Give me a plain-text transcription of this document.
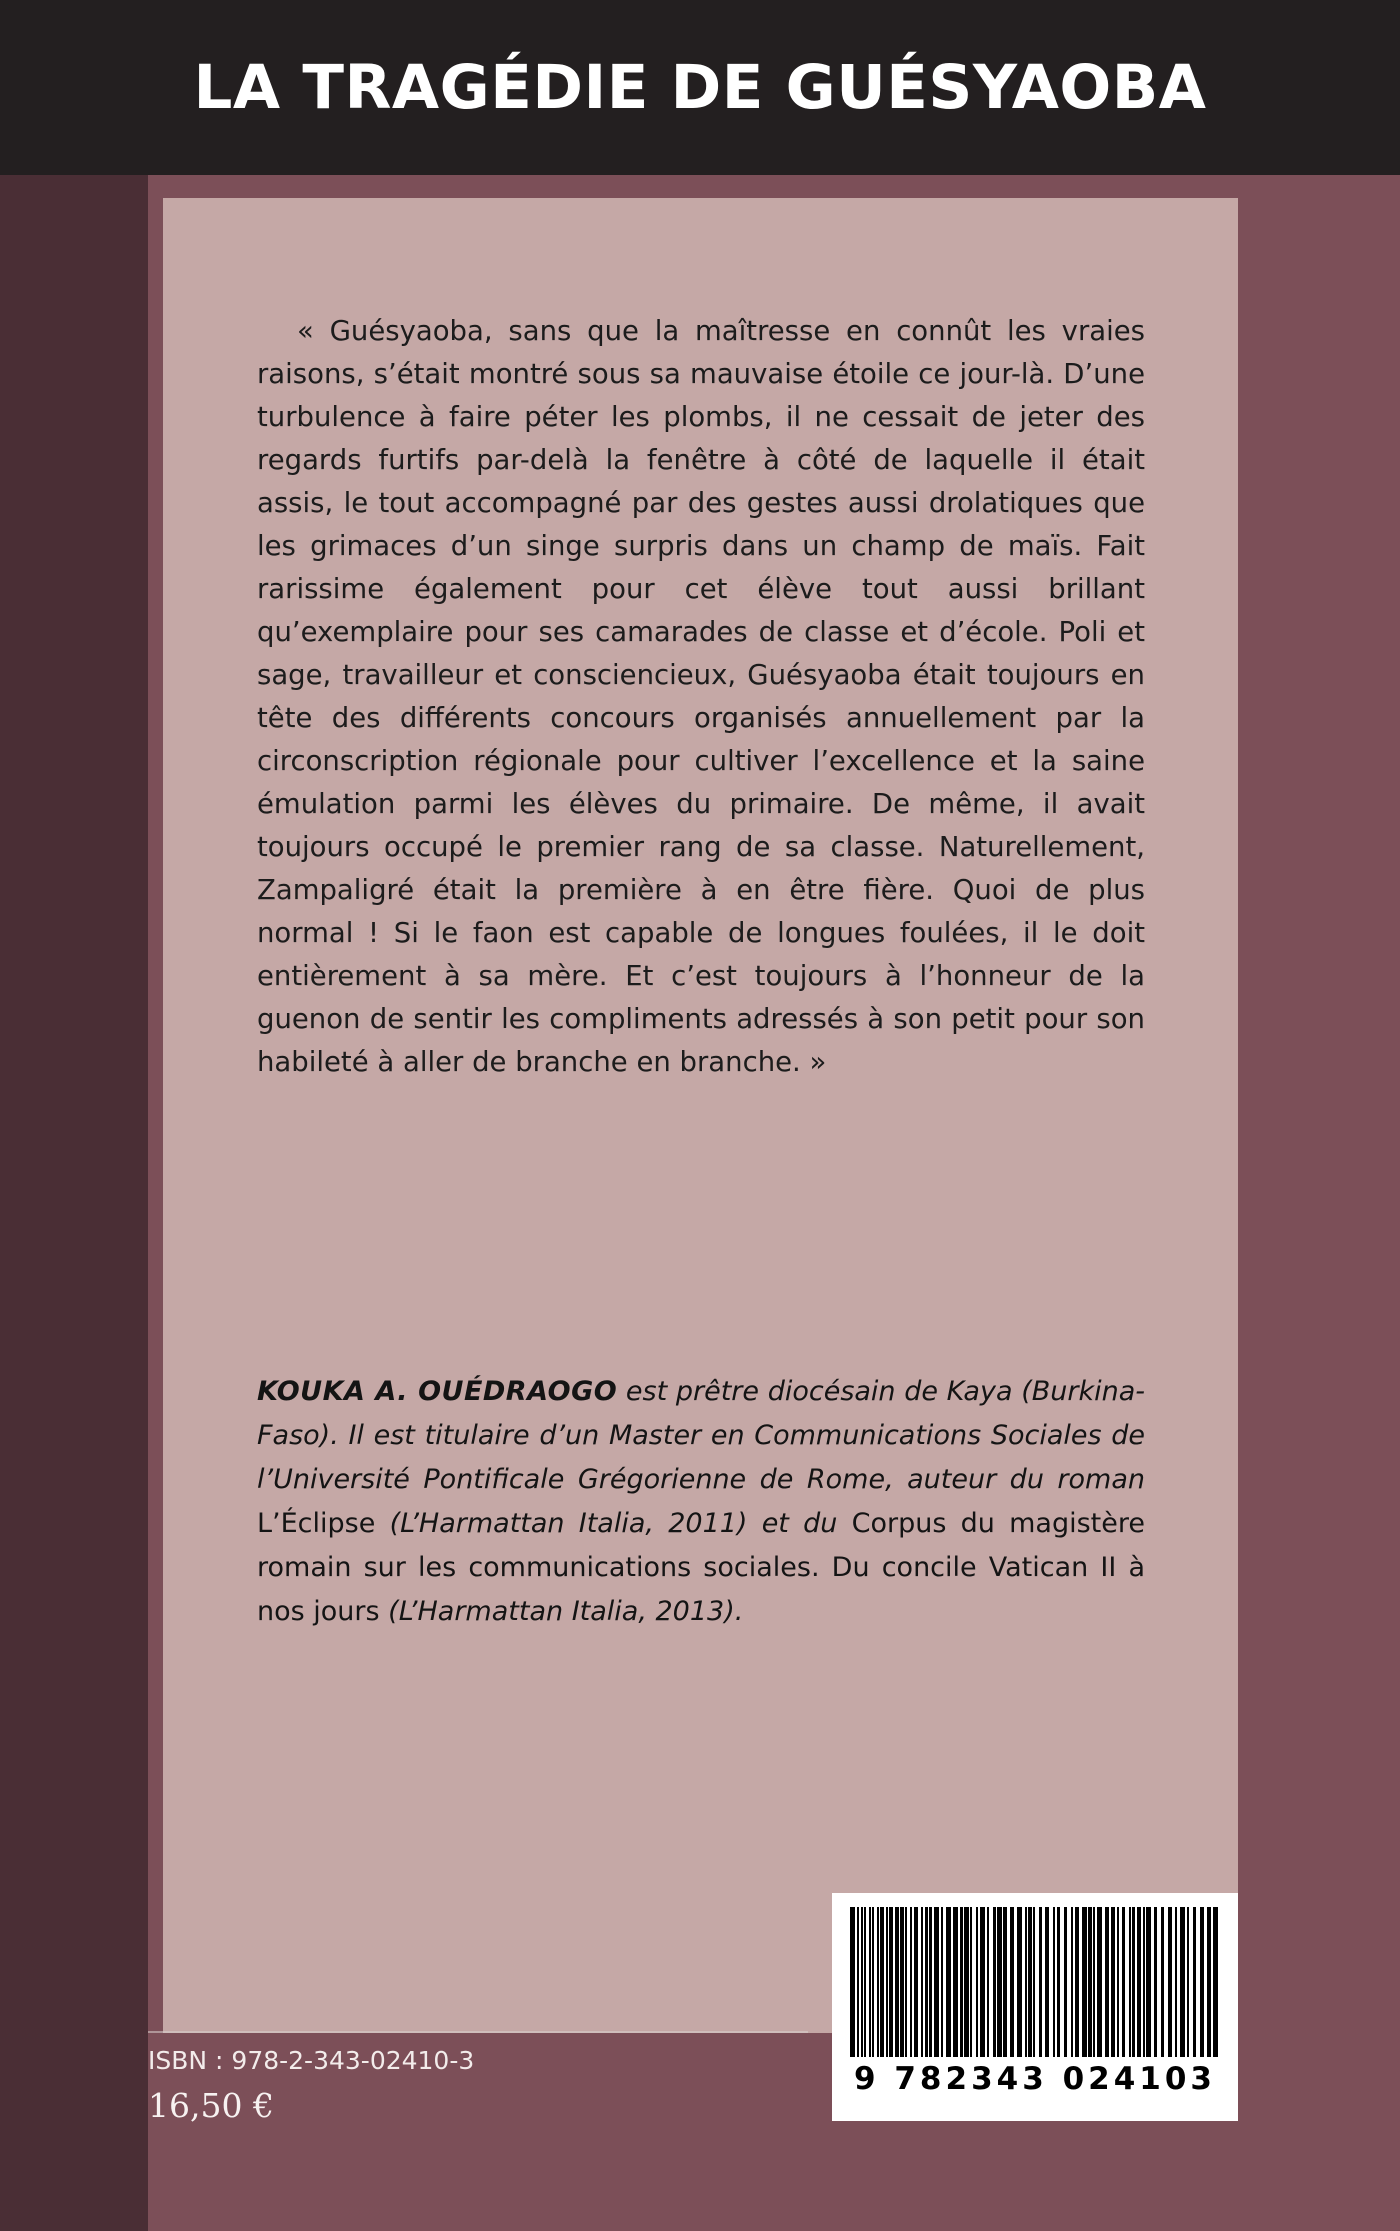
LA TRAGÉDIE DE GUÉSYAOBA
« Guésyaoba, sans que la maîtresse en connût les vraies raisons, s’était montré sous sa mauvaise étoile ce jour-là. D’une turbulence à faire péter les plombs, il ne cessait de jeter des regards furtifs par-delà la fenêtre à côté de laquelle il était assis, le tout accompagné par des gestes aussi drolatiques que les grimaces d’un singe surpris dans un champ de maïs. Fait rarissime également pour cet élève tout aussi brillant qu’exemplaire pour ses camarades de classe et d’école. Poli et sage, travailleur et consciencieux, Guésyaoba était toujours en tête des différents concours organisés annuellement par la circonscription régionale pour cultiver l’excellence et la saine émulation parmi les élèves du primaire. De même, il avait toujours occupé le premier rang de sa classe. Naturellement, Zampaligré était la première à en être fière. Quoi de plus normal ! Si le faon est capable de longues foulées, il le doit entièrement à sa mère. Et c’est toujours à l’honneur de la guenon de sentir les compliments adressés à son petit pour son habileté à aller de branche en branche. »
KOUKA A. OUÉDRAOGO est prêtre diocésain de Kaya (Burkina-Faso). Il est titulaire d’un Master en Communications Sociales de l’Université Pontificale Grégorienne de Rome, auteur du roman L’Éclipse (L’Harmattan Italia, 2011) et du Corpus du magistère romain sur les communications sociales. Du concile Vatican II à nos jours (L’Harmattan Italia, 2013).
9 782343 024103
ISBN : 978-2-343-02410-3
16,50 €
